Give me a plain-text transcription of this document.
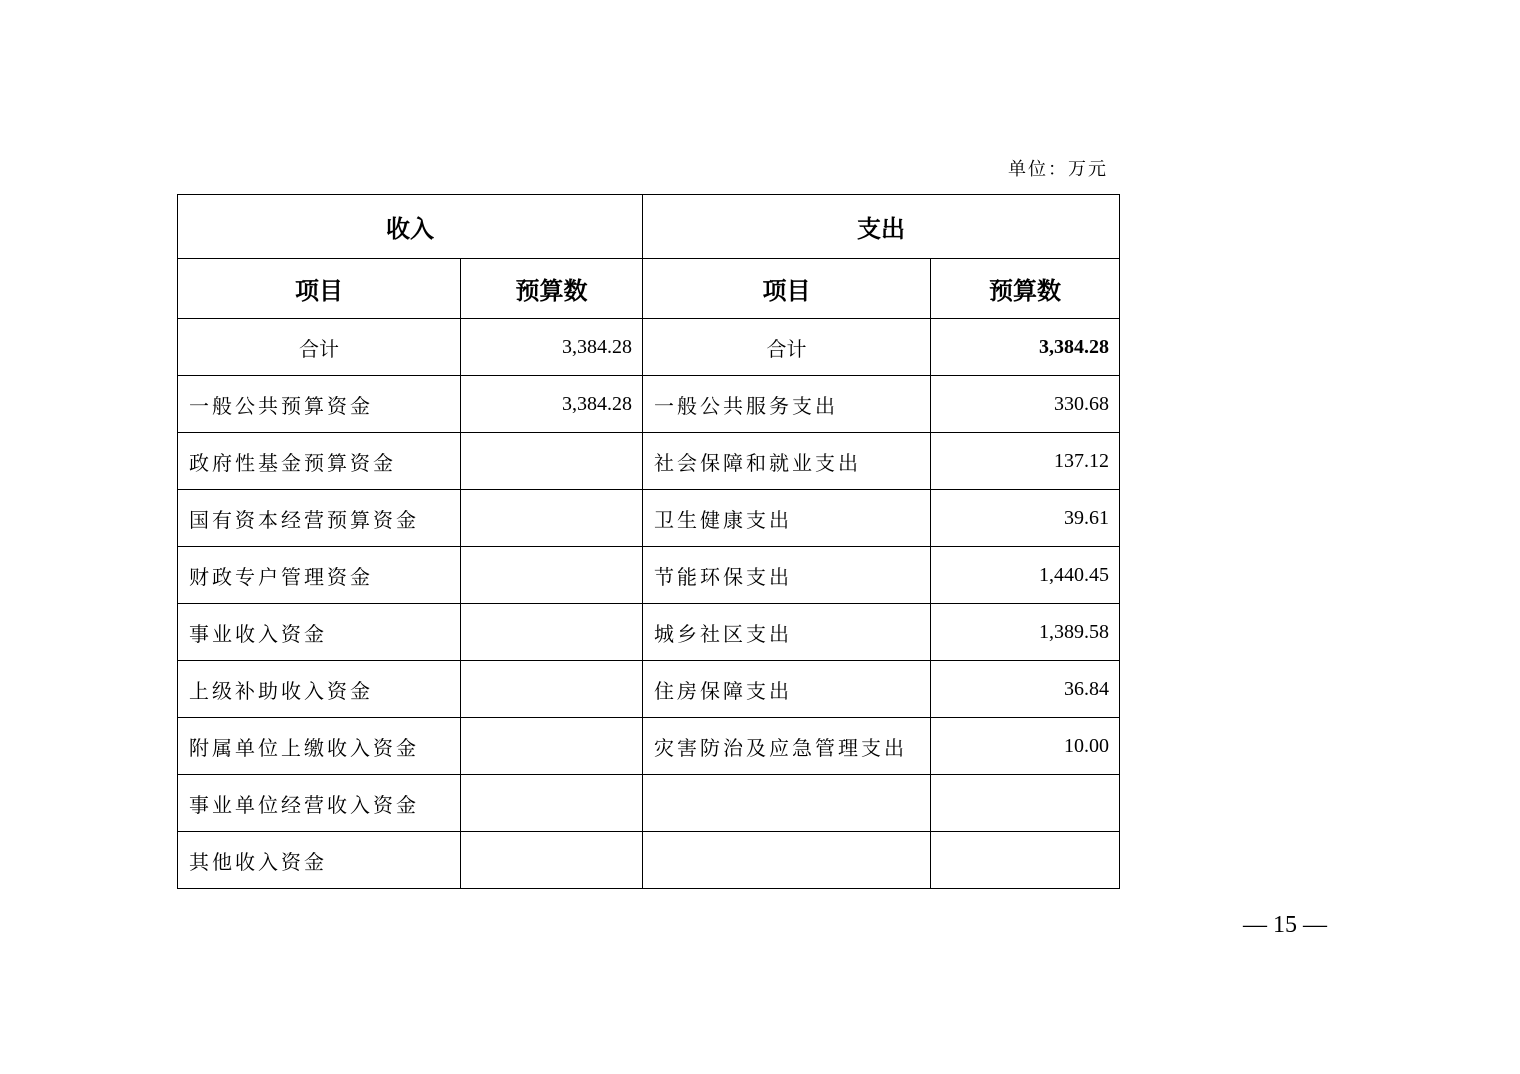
单位：万元
收入		支出	
项目	预算数	项目	预算数
合计	3,384.28	合计	3,384.28
一般公共预算资金	3,384.28	一般公共服务支出	330.68
政府性基金预算资金		社会保障和就业支出	137.12
国有资本经营预算资金		卫生健康支出	39.61
财政专户管理资金		节能环保支出	1,440.45
事业收入资金		城乡社区支出	1,389.58
上级补助收入资金		住房保障支出	36.84
附属单位上缴收入资金		灾害防治及应急管理支出	10.00
事业单位经营收入资金			
其他收入资金			
— 15 —
